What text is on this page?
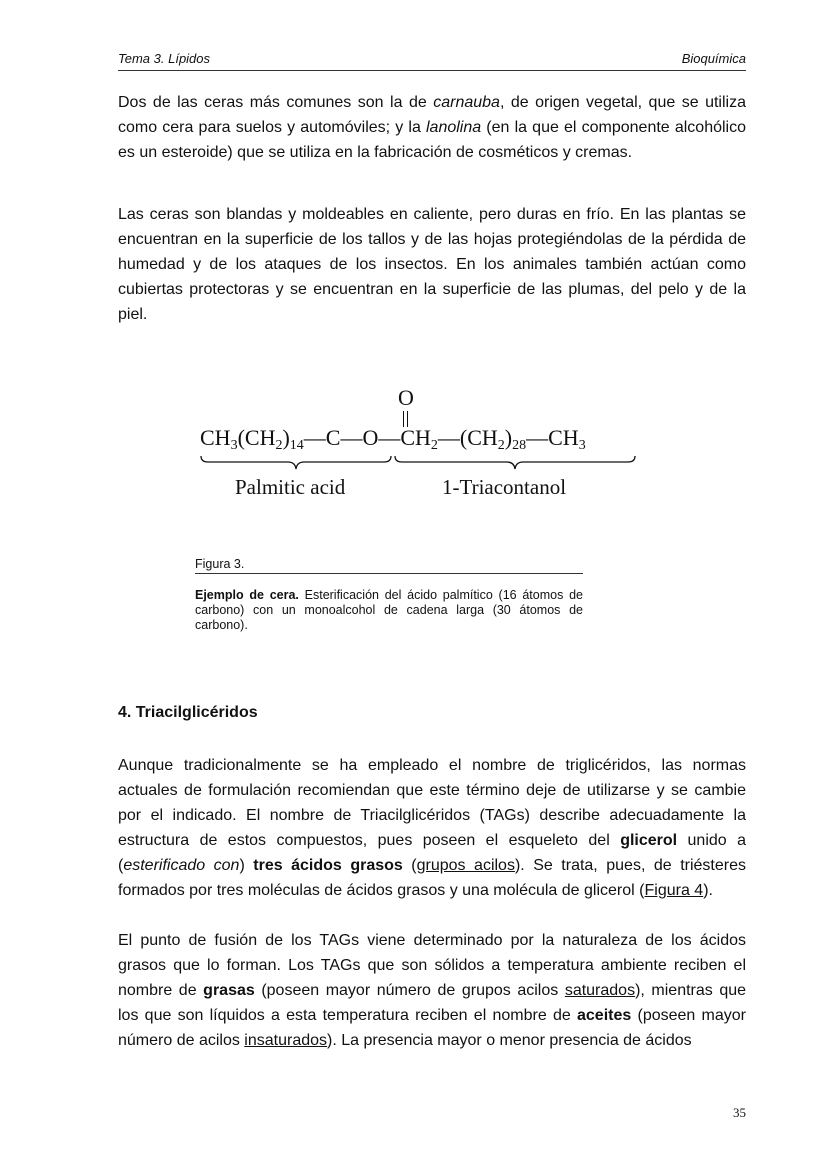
Tema 3. Lípidos	Bioquímica

Dos de las ceras más comunes son la de carnauba, de origen vegetal, que se utiliza como cera para suelos y automóviles; y la lanolina (en la que el componente alcohólico es un esteroide) que se utiliza en la fabricación de cosméticos y cremas.

Las ceras son blandas y moldeables en caliente, pero duras en frío. En las plantas se encuentran en la superficie de los tallos y de las hojas protegiéndolas de la pérdida de humedad y de los ataques de los insectos. En los animales también actúan como cubiertas protectoras y se encuentran en la superficie de las plumas, del pelo y de la piel.

O
$CH_3(CH_2)_{14}—C—O—CH_2—(CH_2)_{28}—CH_3$
Palmitic acid	1-Triacontanol
Figura 3.
Ejemplo de cera. Esterificación del ácido palmítico (16 átomos de carbono) con un monoalcohol de cadena larga (30 átomos de carbono).
4. Triacilglicéridos

Aunque tradicionalmente se ha empleado el nombre de triglicéridos, las normas actuales de formulación recomiendan que este término deje de utilizarse y se cambie por el indicado. El nombre de Triacilglicéridos (TAGs) describe adecuadamente la estructura de estos compuestos, pues poseen el esqueleto del glicerol unido a (esterificado con) tres ácidos grasos (grupos acilos). Se trata, pues, de triésteres formados por tres moléculas de ácidos grasos y una molécula de glicerol (Figura 4).

El punto de fusión de los TAGs viene determinado por la naturaleza de los ácidos grasos que lo forman. Los TAGs que son sólidos a temperatura ambiente reciben el nombre de grasas (poseen mayor número de grupos acilos saturados), mientras que los que son líquidos a esta temperatura reciben el nombre de aceites (poseen mayor número de acilos insaturados). La presencia mayor o menor presencia de ácidos

35
